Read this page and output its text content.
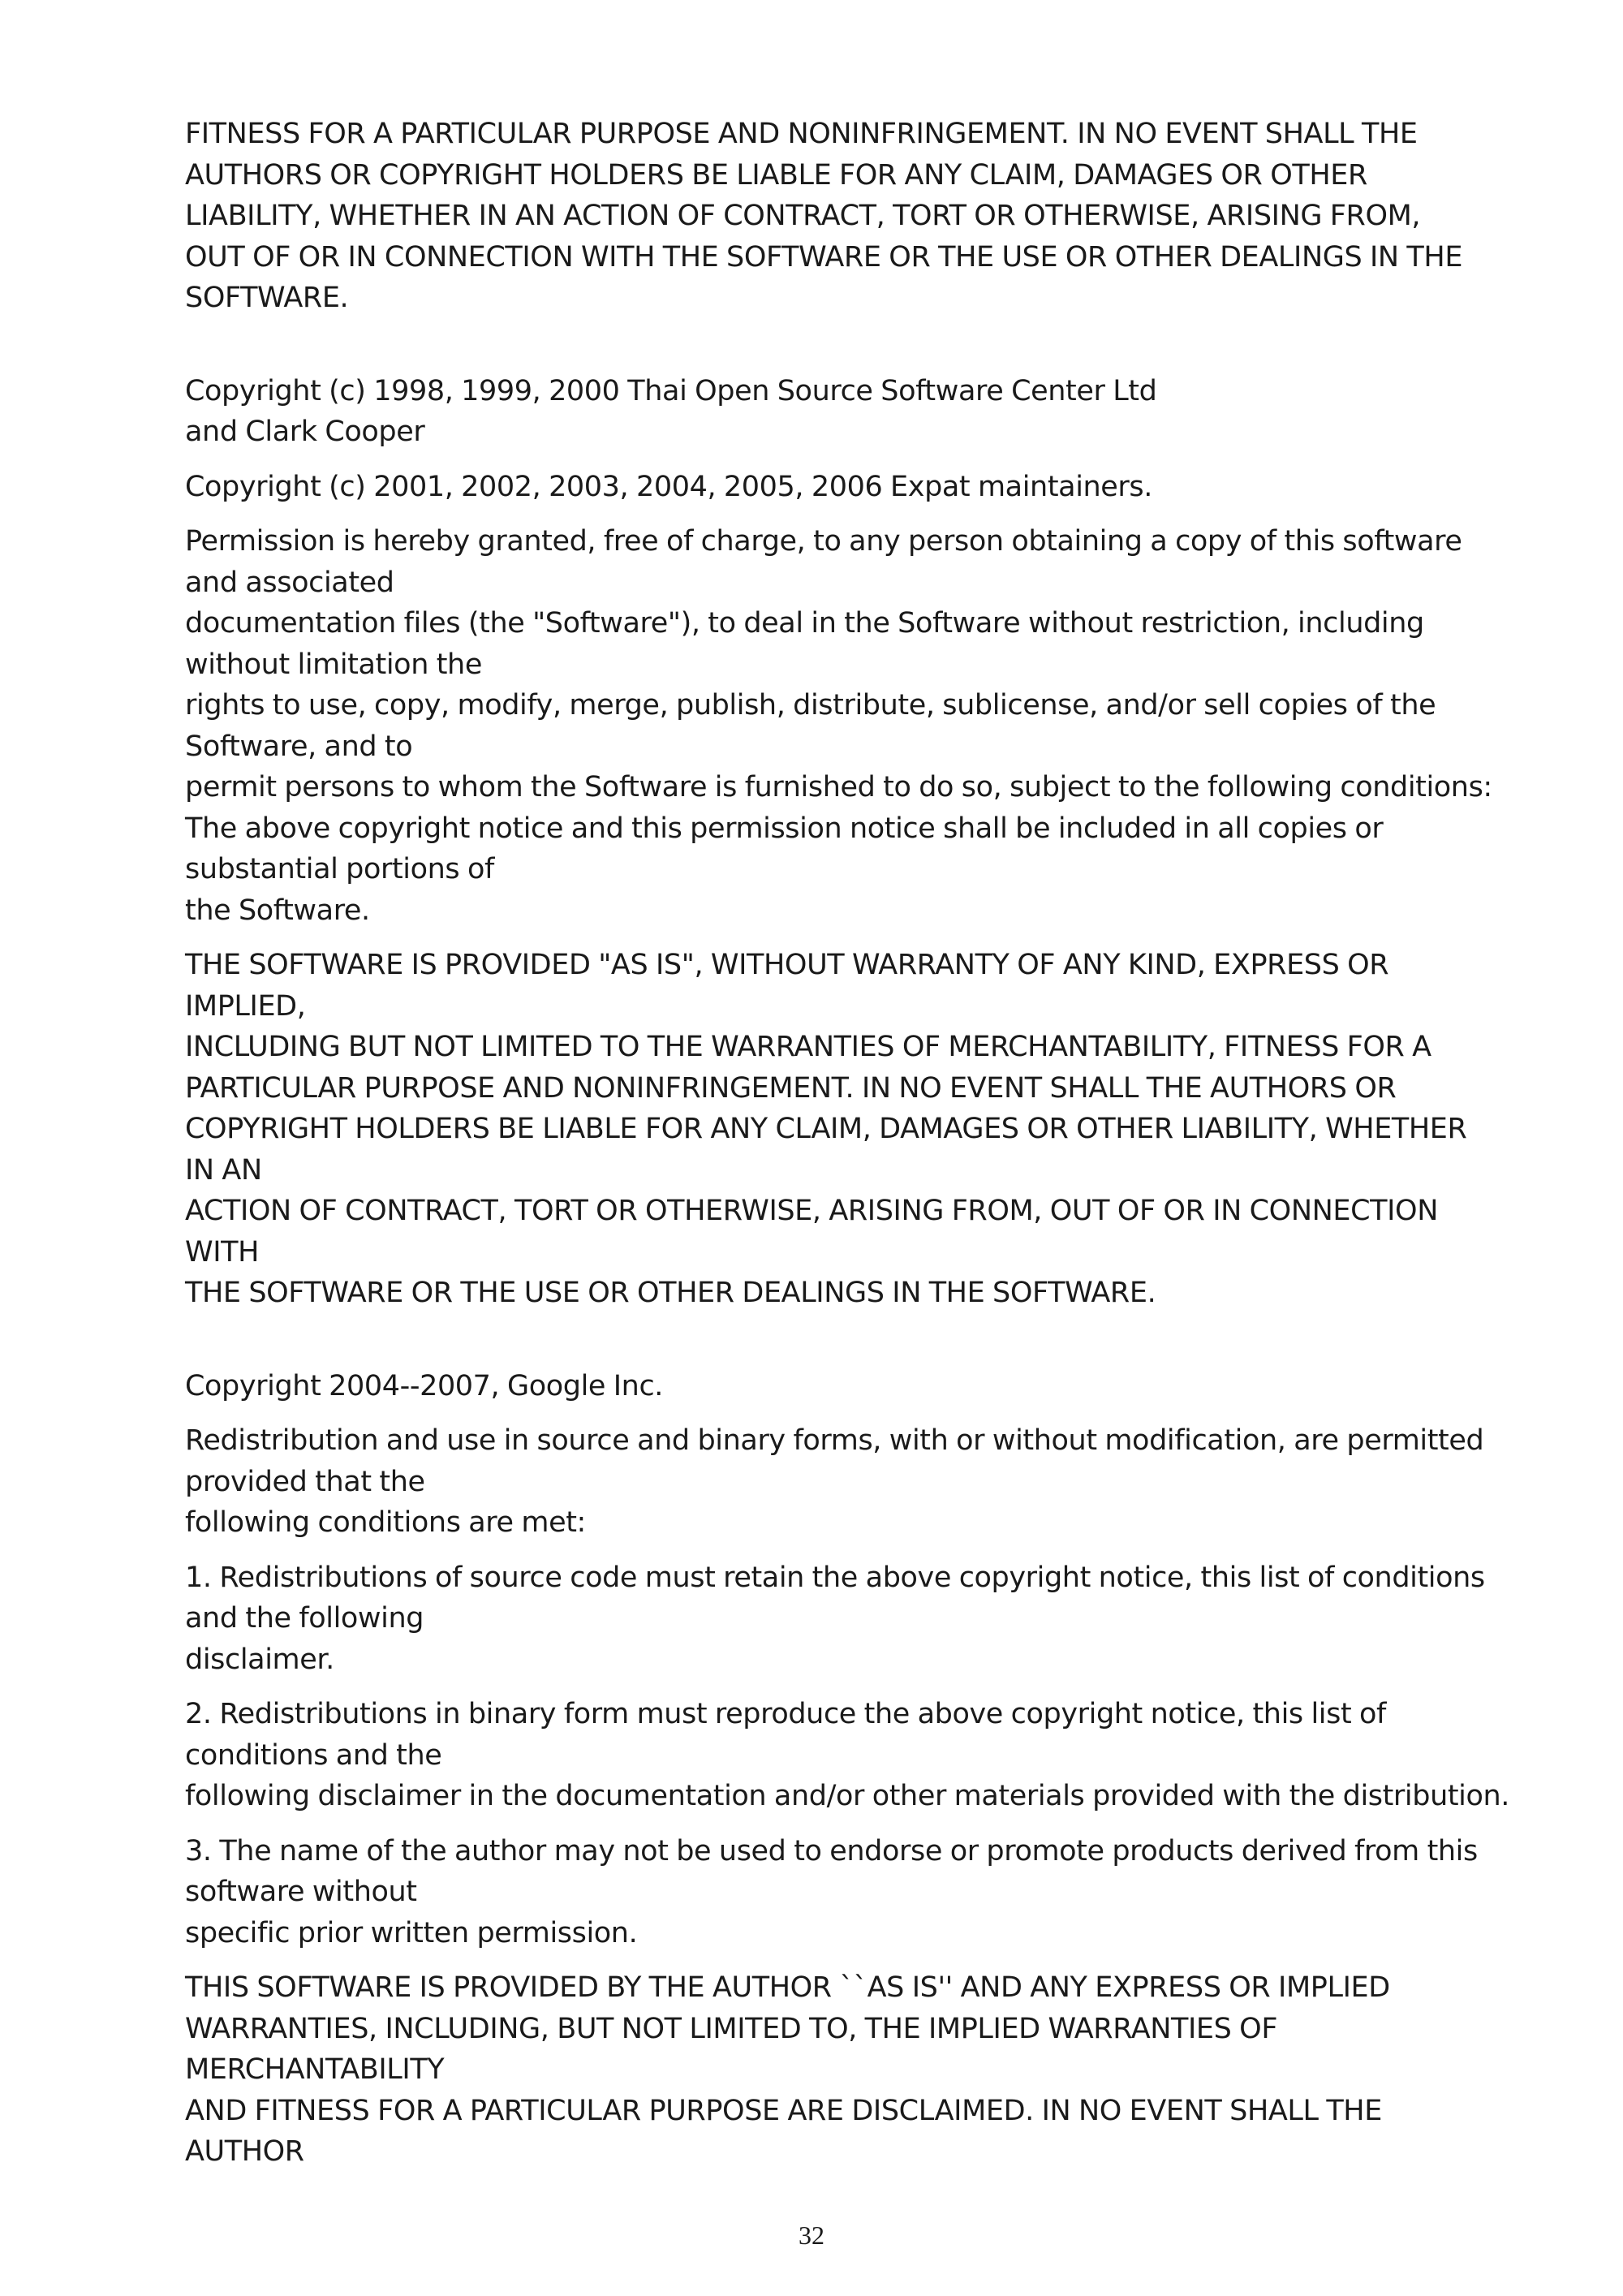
FITNESS FOR A PARTICULAR PURPOSE AND NONINFRINGEMENT. IN NO EVENT SHALL THE
AUTHORS OR COPYRIGHT HOLDERS BE LIABLE FOR ANY CLAIM, DAMAGES OR OTHER
LIABILITY, WHETHER IN AN ACTION OF CONTRACT, TORT OR OTHERWISE, ARISING FROM,
OUT OF OR IN CONNECTION WITH THE SOFTWARE OR THE USE OR OTHER DEALINGS IN THE
SOFTWARE.

Copyright (c) 1998, 1999, 2000 Thai Open Source Software Center Ltd
and Clark Cooper

Copyright (c) 2001, 2002, 2003, 2004, 2005, 2006 Expat maintainers.

Permission is hereby granted, free of charge, to any person obtaining a copy of this software
and associated
documentation files (the "Software"), to deal in the Software without restriction, including
without limitation the
rights to use, copy, modify, merge, publish, distribute, sublicense, and/or sell copies of the
Software, and to
permit persons to whom the Software is furnished to do so, subject to the following conditions:
The above copyright notice and this permission notice shall be included in all copies or
substantial portions of
the Software.

THE SOFTWARE IS PROVIDED "AS IS", WITHOUT WARRANTY OF ANY KIND, EXPRESS OR
IMPLIED,
INCLUDING BUT NOT LIMITED TO THE WARRANTIES OF MERCHANTABILITY, FITNESS FOR A
PARTICULAR PURPOSE AND NONINFRINGEMENT. IN NO EVENT SHALL THE AUTHORS OR
COPYRIGHT HOLDERS BE LIABLE FOR ANY CLAIM, DAMAGES OR OTHER LIABILITY, WHETHER
IN AN
ACTION OF CONTRACT, TORT OR OTHERWISE, ARISING FROM, OUT OF OR IN CONNECTION
WITH
THE SOFTWARE OR THE USE OR OTHER DEALINGS IN THE SOFTWARE.

Copyright 2004--2007, Google Inc.

Redistribution and use in source and binary forms, with or without modification, are permitted
provided that the
following conditions are met:

1. Redistributions of source code must retain the above copyright notice, this list of conditions
and the following
disclaimer.

2. Redistributions in binary form must reproduce the above copyright notice, this list of
conditions and the
following disclaimer in the documentation and/or other materials provided with the distribution.

3. The name of the author may not be used to endorse or promote products derived from this
software without
specific prior written permission.

THIS SOFTWARE IS PROVIDED BY THE AUTHOR ``AS IS'' AND ANY EXPRESS OR IMPLIED
WARRANTIES, INCLUDING, BUT NOT LIMITED TO, THE IMPLIED WARRANTIES OF
MERCHANTABILITY
AND FITNESS FOR A PARTICULAR PURPOSE ARE DISCLAIMED. IN NO EVENT SHALL THE
AUTHOR

32
